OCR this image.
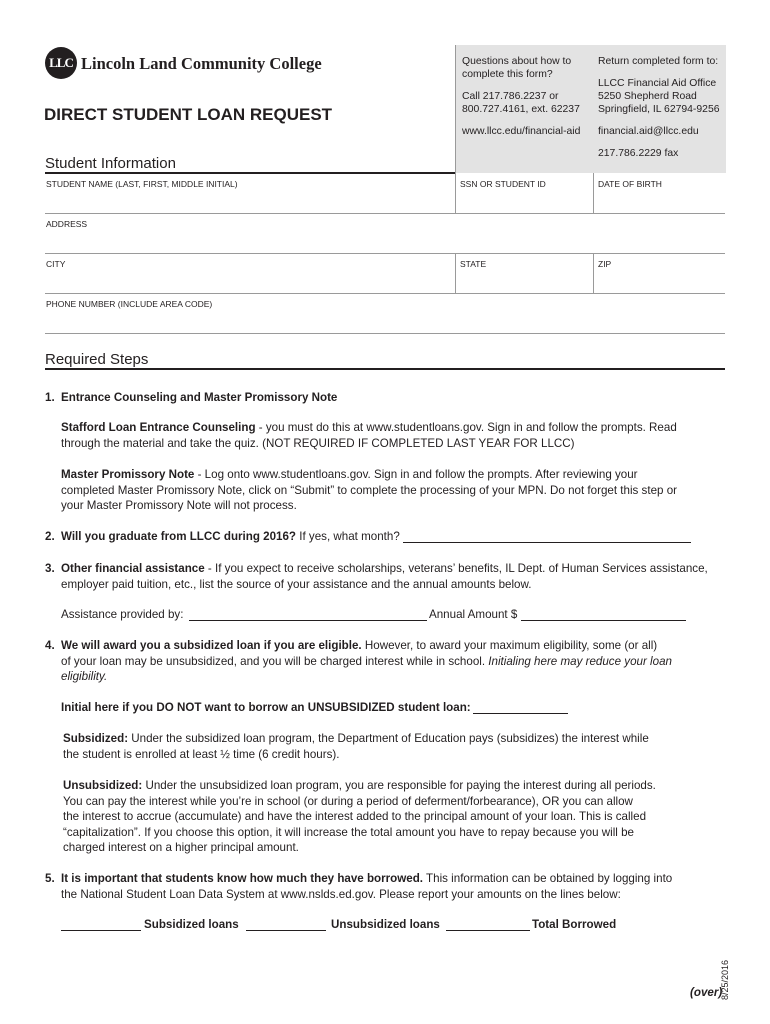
LLC Lincoln Land Community College
DIRECT STUDENT LOAN REQUEST
Questions about how to
complete this form?
Call 217.786.2237 or
800.727.4161, ext. 62237
www.llcc.edu/financial-aid
Return completed form to:
LLCC Financial Aid Office
5250 Shepherd Road
Springfield, IL 62794-9256
financial.aid@llcc.edu
217.786.2229 fax
Student Information
STUDENT NAME (LAST, FIRST, MIDDLE INITIAL)	SSN OR STUDENT ID	DATE OF BIRTH
ADDRESS
CITY	STATE	ZIP
PHONE NUMBER (INCLUDE AREA CODE)
Required Steps
1. Entrance Counseling and Master Promissory Note
Stafford Loan Entrance Counseling - you must do this at www.studentloans.gov. Sign in and follow the prompts. Read
through the material and take the quiz. (NOT REQUIRED IF COMPLETED LAST YEAR FOR LLCC)
Master Promissory Note - Log onto www.studentloans.gov. Sign in and follow the prompts. After reviewing your
completed Master Promissory Note, click on “Submit” to complete the processing of your MPN. Do not forget this step or
your Master Promissory Note will not process.
2. Will you graduate from LLCC during 2016? If yes, what month?
3. Other financial assistance - If you expect to receive scholarships, veterans’ benefits, IL Dept. of Human Services assistance,
employer paid tuition, etc., list the source of your assistance and the annual amounts below.
Assistance provided by:	Annual Amount $
4. We will award you a subsidized loan if you are eligible. However, to award your maximum eligibility, some (or all)
of your loan may be unsubsidized, and you will be charged interest while in school. Initialing here may reduce your loan
eligibility.
Initial here if you DO NOT want to borrow an UNSUBSIDIZED student loan:
Subsidized: Under the subsidized loan program, the Department of Education pays (subsidizes) the interest while
the student is enrolled at least ½ time (6 credit hours).
Unsubsidized: Under the unsubsidized loan program, you are responsible for paying the interest during all periods.
You can pay the interest while you’re in school (or during a period of deferment/forbearance), OR you can allow
the interest to accrue (accumulate) and have the interest added to the principal amount of your loan. This is called
“capitalization”. If you choose this option, it will increase the total amount you have to repay because you will be
charged interest on a higher principal amount.
5. It is important that students know how much they have borrowed. This information can be obtained by logging into
the National Student Loan Data System at www.nslds.ed.gov. Please report your amounts on the lines below:
Subsidized loans	Unsubsidized loans	Total Borrowed
8/25/2016
(over)
